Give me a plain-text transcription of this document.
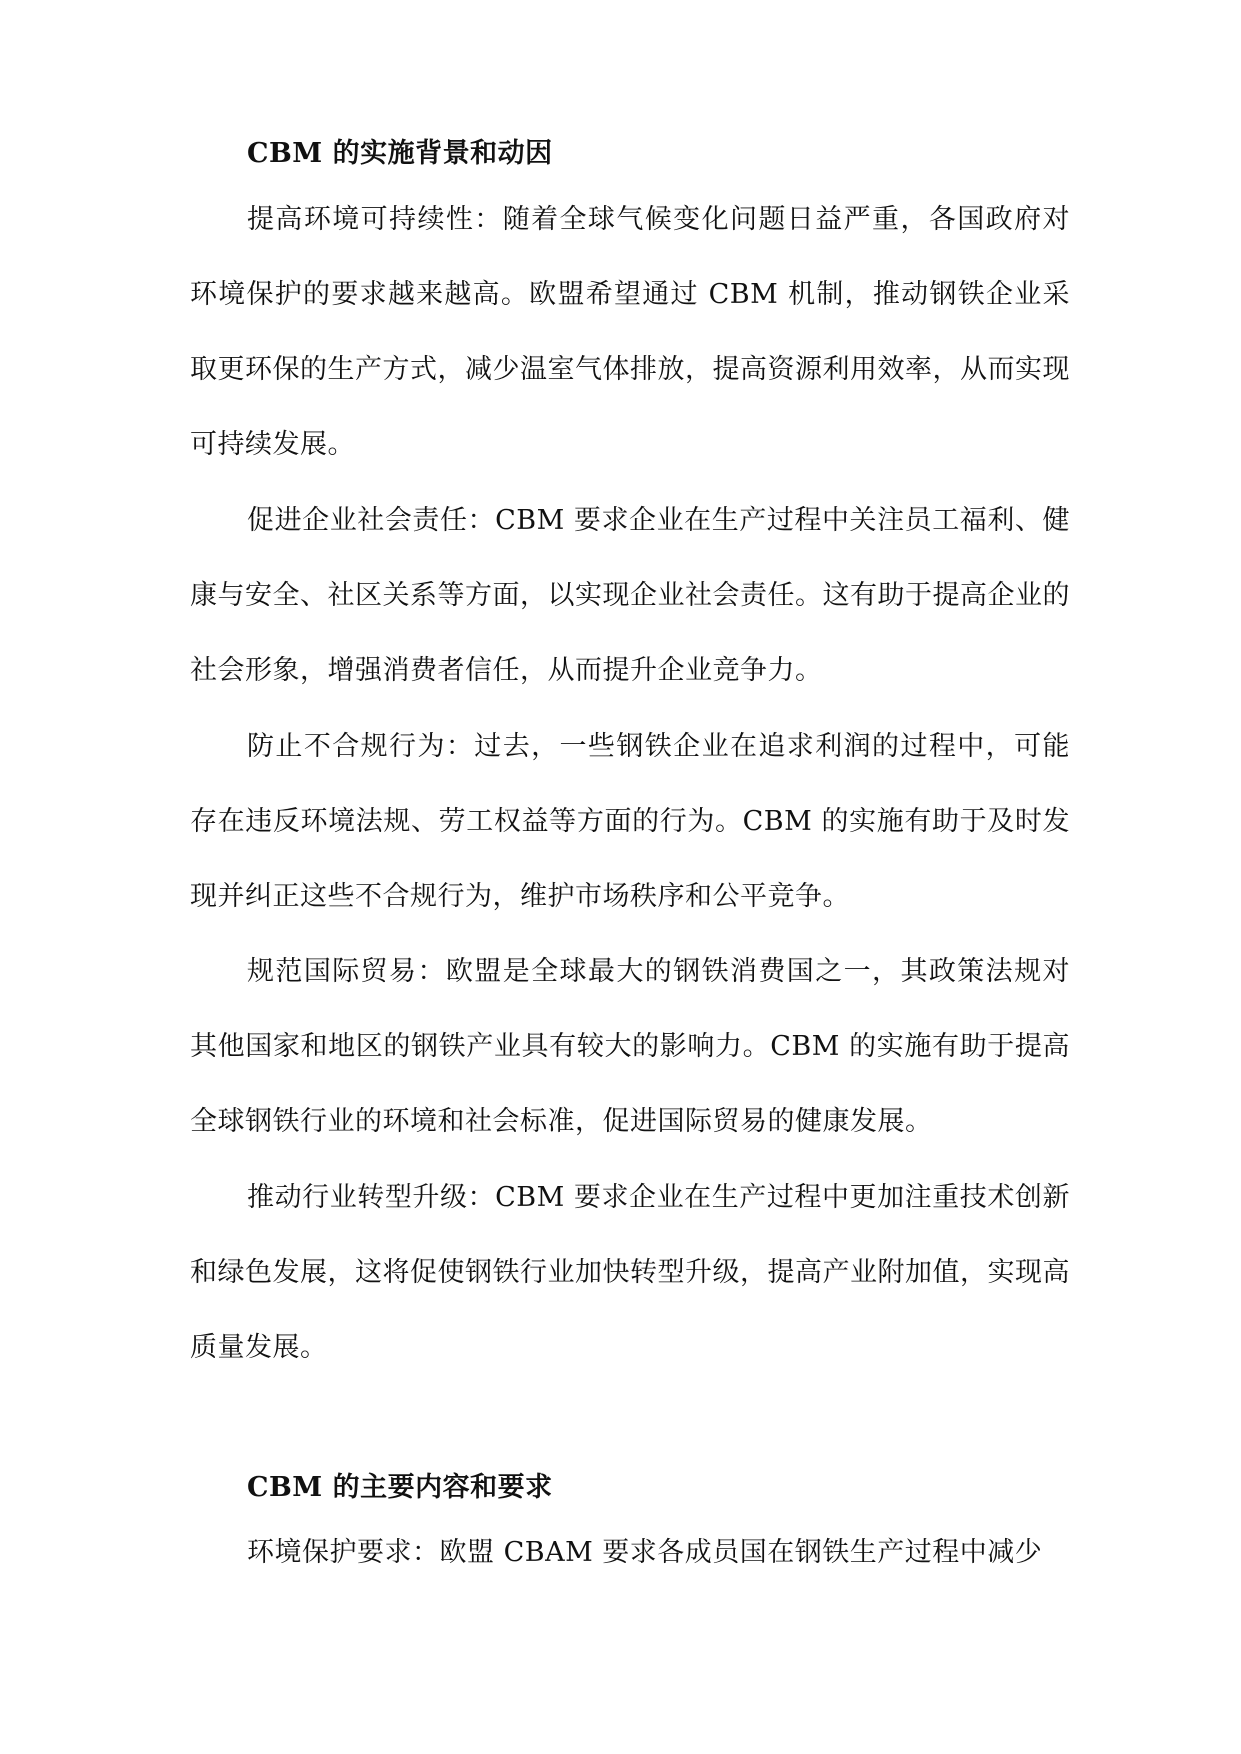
CBM 的实施背景和动因

提高环境可持续性：随着全球气候变化问题日益严重，各国政府对环境保护的要求越来越高。欧盟希望通过 CBM 机制，推动钢铁企业采取更环保的生产方式，减少温室气体排放，提高资源利用效率，从而实现可持续发展。

促进企业社会责任：CBM 要求企业在生产过程中关注员工福利、健康与安全、社区关系等方面，以实现企业社会责任。这有助于提高企业的社会形象，增强消费者信任，从而提升企业竞争力。

防止不合规行为：过去，一些钢铁企业在追求利润的过程中，可能存在违反环境法规、劳工权益等方面的行为。CBM 的实施有助于及时发现并纠正这些不合规行为，维护市场秩序和公平竞争。

规范国际贸易：欧盟是全球最大的钢铁消费国之一，其政策法规对其他国家和地区的钢铁产业具有较大的影响力。CBM 的实施有助于提高全球钢铁行业的环境和社会标准，促进国际贸易的健康发展。

推动行业转型升级：CBM 要求企业在生产过程中更加注重技术创新和绿色发展，这将促使钢铁行业加快转型升级，提高产业附加值，实现高质量发展。

CBM 的主要内容和要求

环境保护要求：欧盟 CBAM 要求各成员国在钢铁生产过程中减少
